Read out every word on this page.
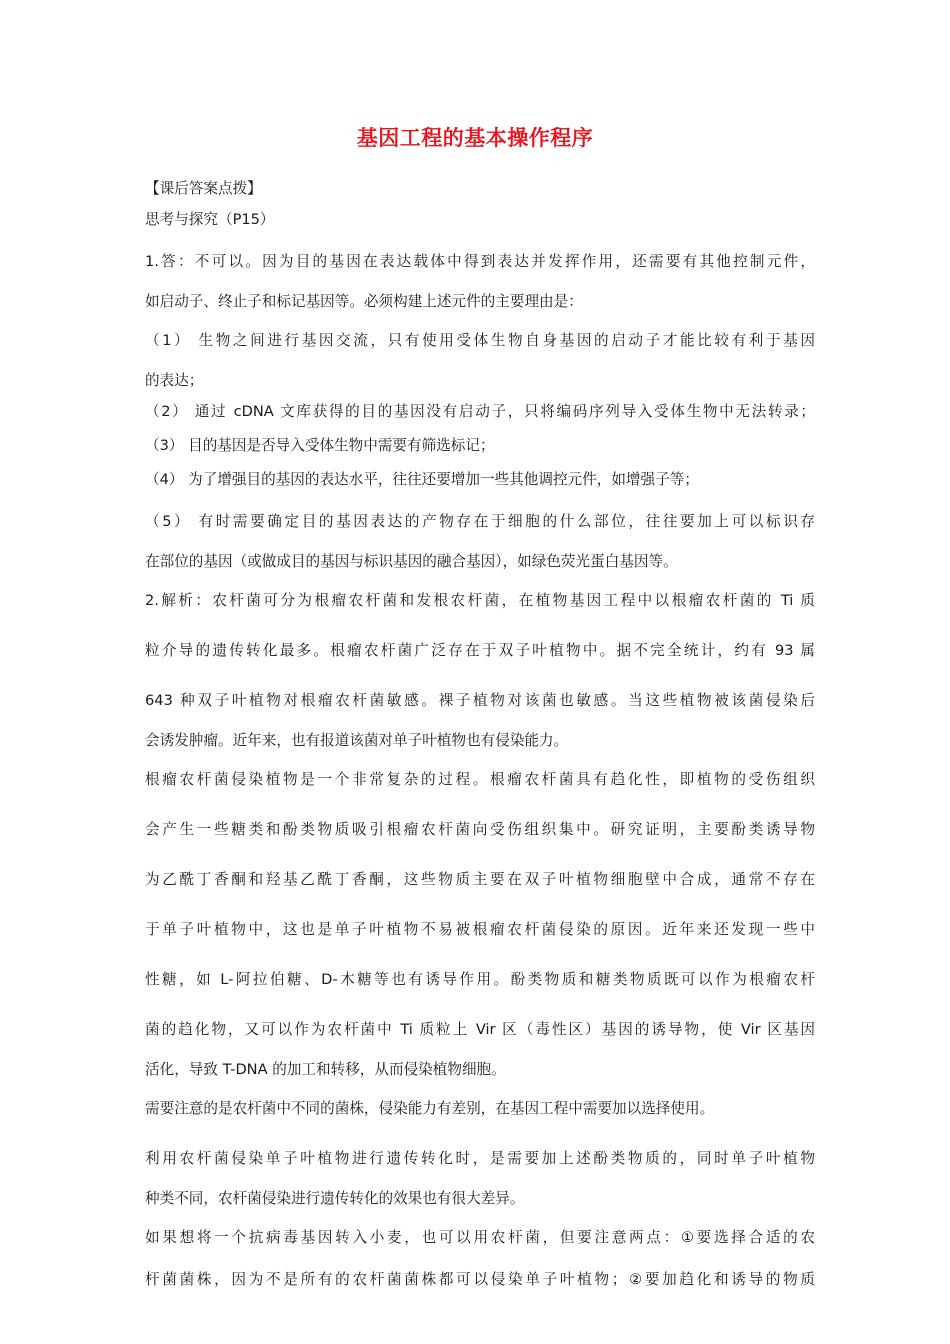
基因工程的基本操作程序
【课后答案点拨】
思考与探究（P15）
1.答：不可以。因为目的基因在表达载体中得到表达并发挥作用，还需要有其他控制元件，
如启动子、终止子和标记基因等。必须构建上述元件的主要理由是：
（1） 生物之间进行基因交流，只有使用受体生物自身基因的启动子才能比较有利于基因
的表达；
（2） 通过 cDNA 文库获得的目的基因没有启动子，只将编码序列导入受体生物中无法转录；
（3） 目的基因是否导入受体生物中需要有筛选标记；
（4） 为了增强目的基因的表达水平，往往还要增加一些其他调控元件，如增强子等；
（5） 有时需要确定目的基因表达的产物存在于细胞的什么部位，往往要加上可以标识存
在部位的基因（或做成目的基因与标识基因的融合基因），如绿色荧光蛋白基因等。
2.解析：农杆菌可分为根瘤农杆菌和发根农杆菌，在植物基因工程中以根瘤农杆菌的 Ti 质
粒介导的遗传转化最多。根瘤农杆菌广泛存在于双子叶植物中。据不完全统计，约有 93 属
643 种双子叶植物对根瘤农杆菌敏感。裸子植物对该菌也敏感。当这些植物被该菌侵染后
会诱发肿瘤。近年来，也有报道该菌对单子叶植物也有侵染能力。
根瘤农杆菌侵染植物是一个非常复杂的过程。根瘤农杆菌具有趋化性，即植物的受伤组织
会产生一些糖类和酚类物质吸引根瘤农杆菌向受伤组织集中。研究证明，主要酚类诱导物
为乙酰丁香酮和羟基乙酰丁香酮，这些物质主要在双子叶植物细胞壁中合成，通常不存在
于单子叶植物中，这也是单子叶植物不易被根瘤农杆菌侵染的原因。近年来还发现一些中
性糖，如 L-阿拉伯糖、D-木糖等也有诱导作用。酚类物质和糖类物质既可以作为根瘤农杆
菌的趋化物，又可以作为农杆菌中 Ti 质粒上 Vir 区（毒性区）基因的诱导物，使 Vir 区基因
活化，导致 T-DNA 的加工和转移，从而侵染植物细胞。
需要注意的是农杆菌中不同的菌株，侵染能力有差别，在基因工程中需要加以选择使用。
利用农杆菌侵染单子叶植物进行遗传转化时，是需要加上述酚类物质的，同时单子叶植物
种类不同，农杆菌侵染进行遗传转化的效果也有很大差异。
如果想将一个抗病毒基因转入小麦，也可以用农杆菌，但要注意两点：①要选择合适的农
杆菌菌株，因为不是所有的农杆菌菌株都可以侵染单子叶植物；②要加趋化和诱导的物质
